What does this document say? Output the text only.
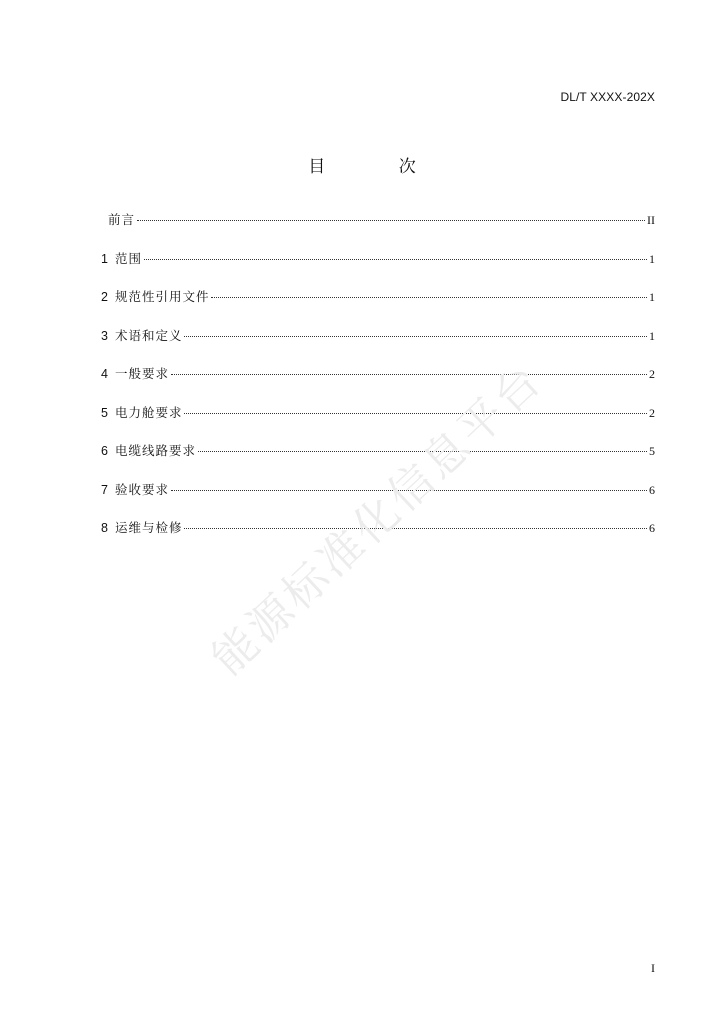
DL/T XXXX-202X
目 次
前言	II
1 范围	1
2 规范性引用文件	1
3 术语和定义	1
4 一般要求	2
5 电力舱要求	2
6 电缆线路要求	5
7 验收要求	6
8 运维与检修	6
能源标准化信息平台
I
